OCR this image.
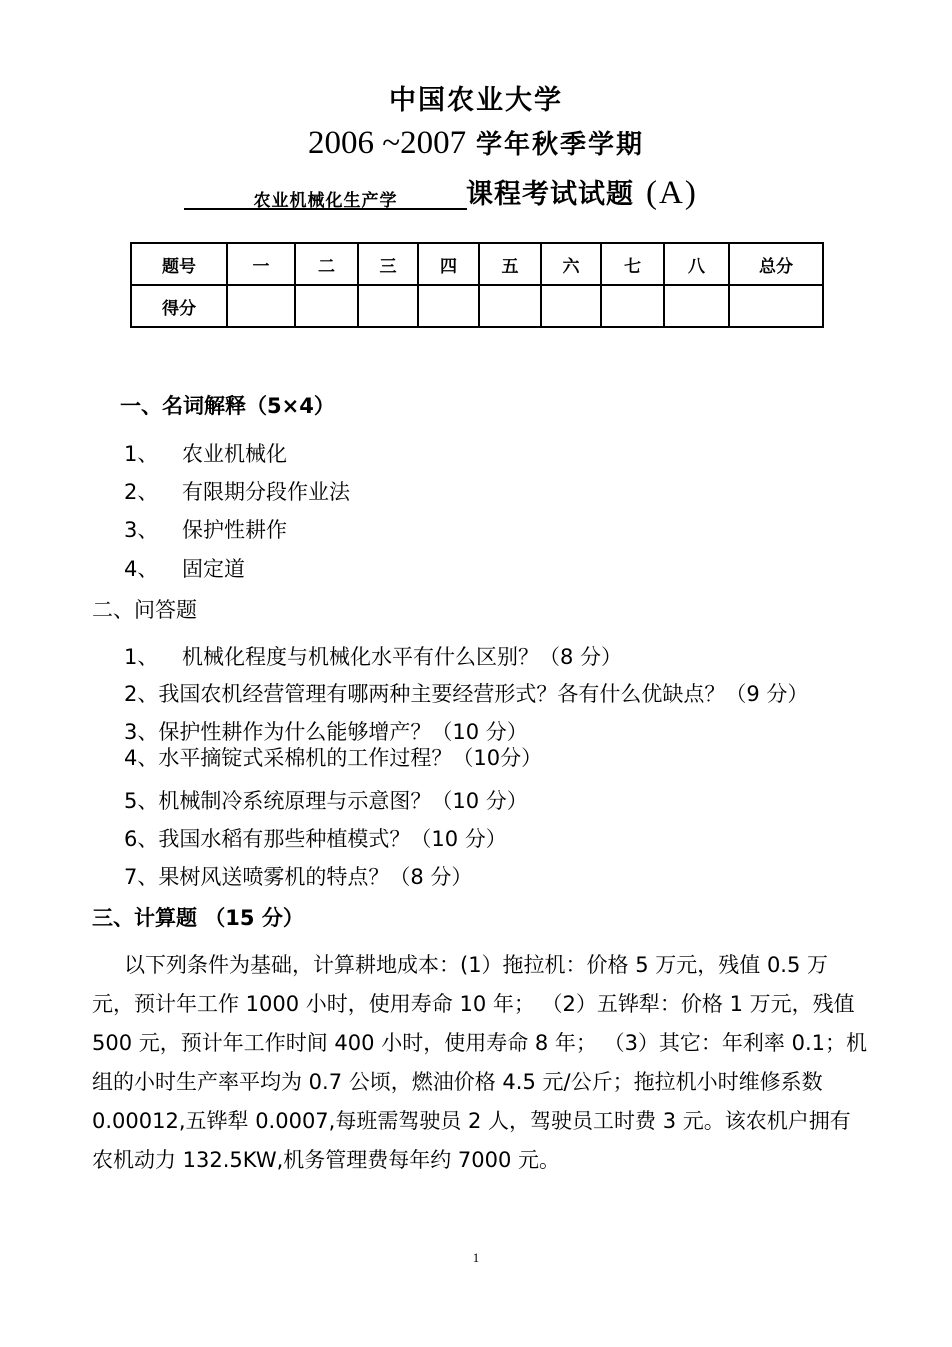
中国农业大学
2006 ~2007 学年秋季学期
农业机械化生产学	课程考试试题 (A)
题号	一	二	三	四	五	六	七	八	总分
得分									
一、名词解释（5×4）
1、 农业机械化
2、 有限期分段作业法
3、 保护性耕作
4、 固定道
二、问答题
1、 机械化程度与机械化水平有什么区别？（8 分）
2、我国农机经营管理有哪两种主要经营形式？各有什么优缺点？（9 分）
3、保护性耕作为什么能够增产？（10 分）
4、水平摘锭式采棉机的工作过程？（10分）
5、机械制冷系统原理与示意图？（10 分）
6、我国水稻有那些种植模式？（10 分）
7、果树风送喷雾机的特点？（8 分）
三、计算题 （15 分）
以下列条件为基础，计算耕地成本：(1）拖拉机：价格 5 万元，残值 0.5 万元，预计年工作 1000 小时，使用寿命 10 年； （2）五铧犁：价格 1 万元，残值 500 元，预计年工作时间 400 小时，使用寿命 8 年； （3）其它：年利率 0.1；机组的小时生产率平均为 0.7 公顷，燃油价格 4.5 元/公斤；拖拉机小时维修系数 0.00012,五铧犁 0.0007,每班需驾驶员 2 人，驾驶员工时费 3 元。该农机户拥有农机动力 132.5KW,机务管理费每年约 7000 元。
1
